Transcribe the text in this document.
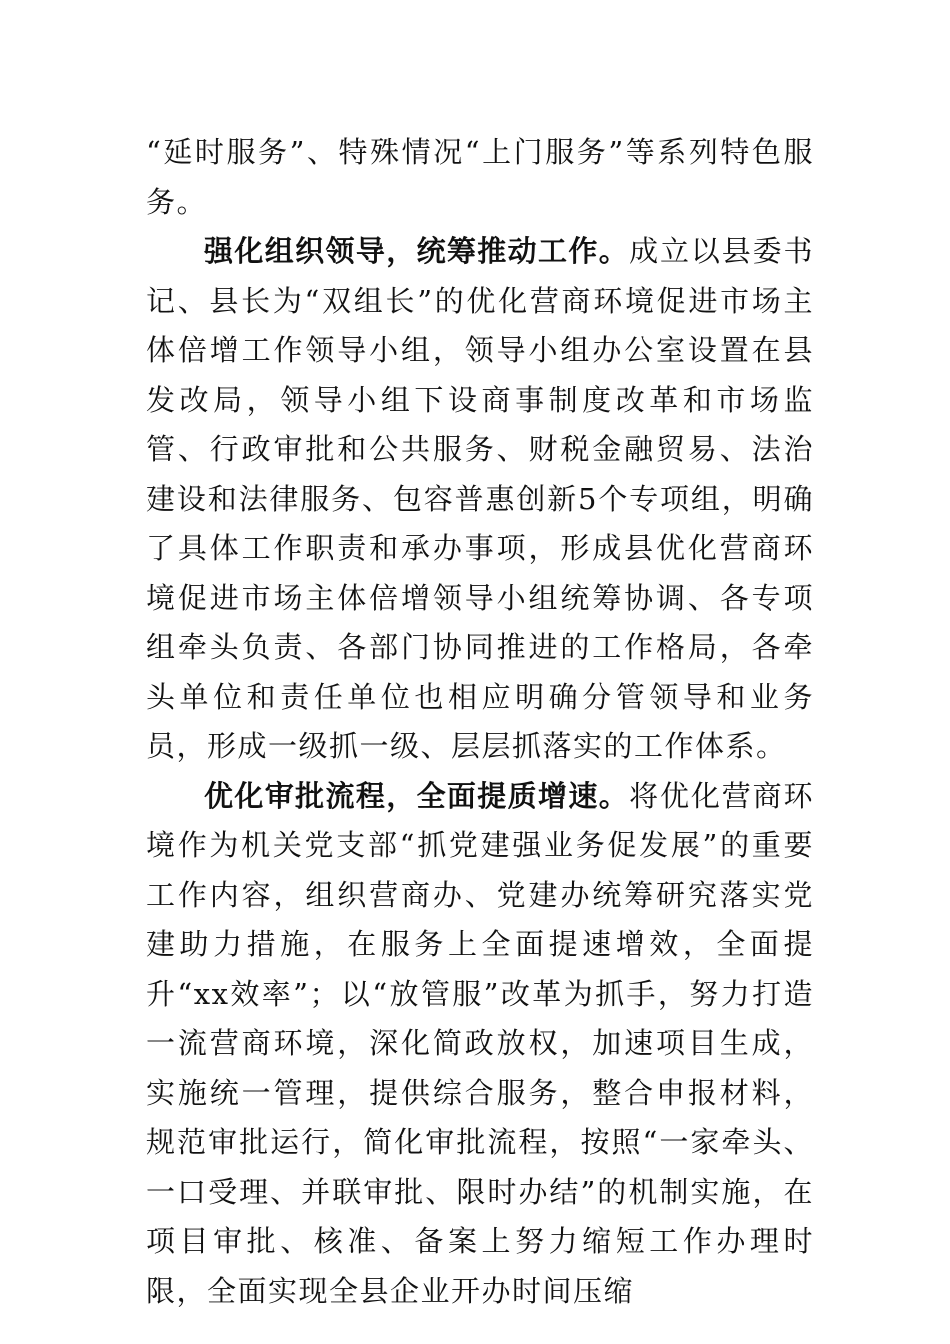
“延时服务”、特殊情况“上门服务”等系列特色服务。

强化组织领导，统筹推动工作。成立以县委书记、县长为“双组长”的优化营商环境促进市场主体倍增工作领导小组，领导小组办公室设置在县发改局，领导小组下设商事制度改革和市场监管、行政审批和公共服务、财税金融贸易、法治建设和法律服务、包容普惠创新5个专项组，明确了具体工作职责和承办事项，形成县优化营商环境促进市场主体倍增领导小组统筹协调、各专项组牵头负责、各部门协同推进的工作格局，各牵头单位和责任单位也相应明确分管领导和业务员，形成一级抓一级、层层抓落实的工作体系。

优化审批流程，全面提质增速。将优化营商环境作为机关党支部“抓党建强业务促发展”的重要工作内容，组织营商办、党建办统筹研究落实党建助力措施，在服务上全面提速增效，全面提升“xx效率”；以“放管服”改革为抓手，努力打造一流营商环境，深化简政放权，加速项目生成，实施统一管理，提供综合服务，整合申报材料，规范审批运行，简化审批流程，按照“一家牵头、一口受理、并联审批、限时办结”的机制实施，在项目审批、核准、备案上努力缩短工作办理时限，全面实现全县企业开办时间压缩
